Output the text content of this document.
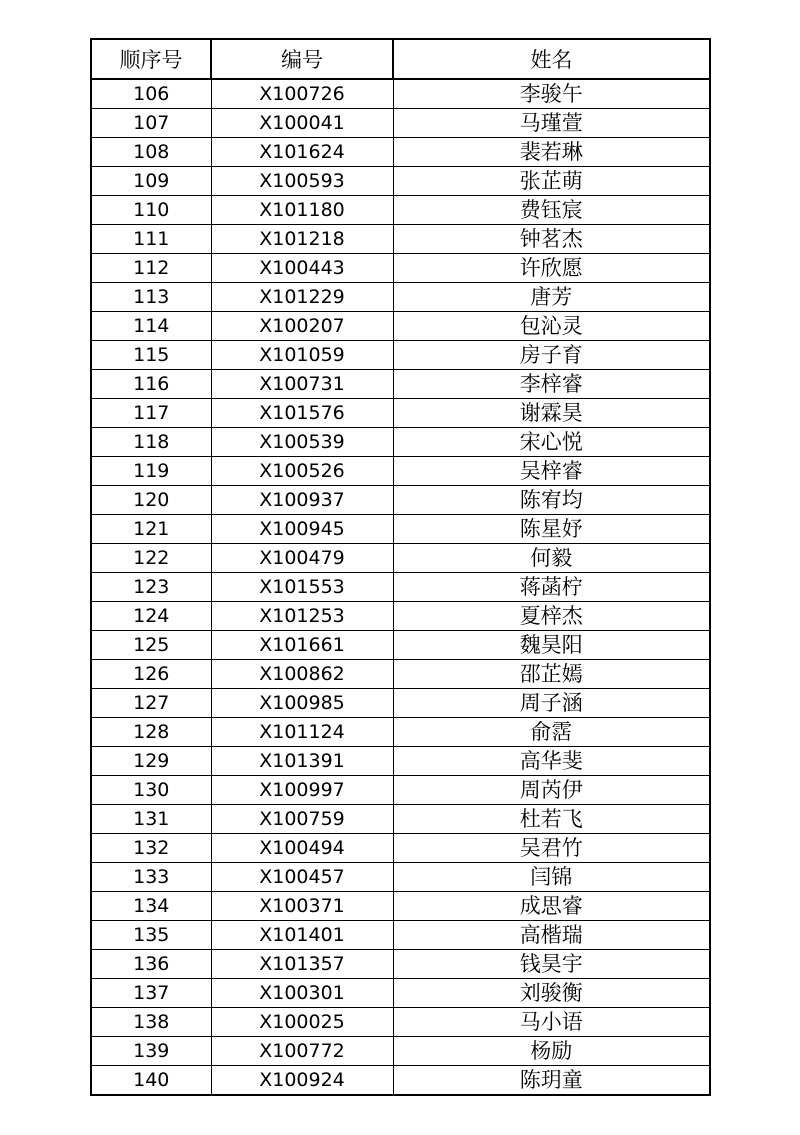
顺序号	编号	姓名
106	X100726	李骏午
107	X100041	马瑾萱
108	X101624	裴若琳
109	X100593	张芷萌
110	X101180	费钰宸
111	X101218	钟茗杰
112	X100443	许欣愿
113	X101229	唐芳
114	X100207	包沁灵
115	X101059	房子育
116	X100731	李梓睿
117	X101576	谢霖昊
118	X100539	宋心悦
119	X100526	吴梓睿
120	X100937	陈宥均
121	X100945	陈星妤
122	X100479	何毅
123	X101553	蒋菡柠
124	X101253	夏梓杰
125	X101661	魏昊阳
126	X100862	邵芷嫣
127	X100985	周子涵
128	X101124	俞霑
129	X101391	高华斐
130	X100997	周芮伊
131	X100759	杜若飞
132	X100494	吴君竹
133	X100457	闫锦
134	X100371	成思睿
135	X101401	高楷瑞
136	X101357	钱昊宇
137	X100301	刘骏衡
138	X100025	马小语
139	X100772	杨励
140	X100924	陈玥童
